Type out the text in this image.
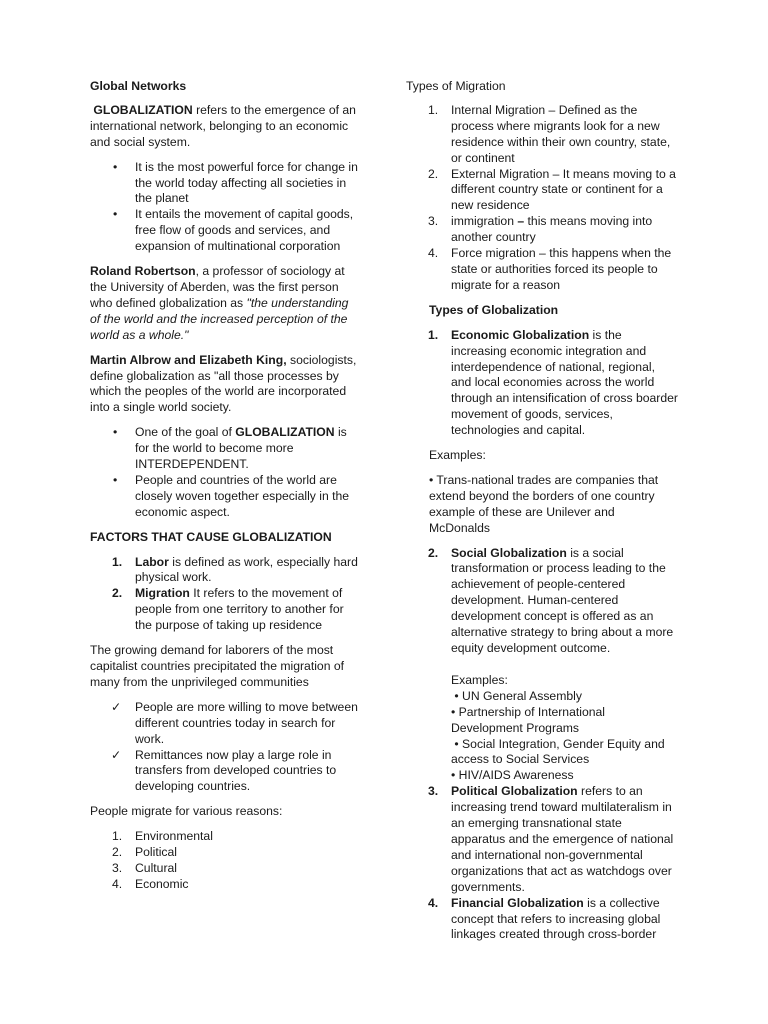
Global Networks

GLOBALIZATION refers to the emergence of an international network, belonging to an economic and social system.

• It is the most powerful force for change in the world today affecting all societies in the planet
• It entails the movement of capital goods, free flow of goods and services, and expansion of multinational corporation

Roland Robertson, a professor of sociology at the University of Aberden, was the first person who defined globalization as "the understanding of the world and the increased perception of the world as a whole."

Martin Albrow and Elizabeth King, sociologists, define globalization as "all those processes by which the peoples of the world are incorporated into a single world society.

• One of the goal of GLOBALIZATION is for the world to become more INTERDEPENDENT.
• People and countries of the world are closely woven together especially in the economic aspect.

FACTORS THAT CAUSE GLOBALIZATION

1. Labor is defined as work, especially hard physical work.
2. Migration It refers to the movement of people from one territory to another for the purpose of taking up residence

The growing demand for laborers of the most capitalist countries precipitated the migration of many from the unprivileged communities

✓ People are more willing to move between different countries today in search for work.
✓ Remittances now play a large role in transfers from developed countries to developing countries.

People migrate for various reasons:

1. Environmental
2. Political
3. Cultural
4. Economic

Types of Migration

1. Internal Migration – Defined as the process where migrants look for a new residence within their own country, state, or continent
2. External Migration – It means moving to a different country state or continent for a new residence
3. immigration – this means moving into another country
4. Force migration – this happens when the state or authorities forced its people to migrate for a reason

Types of Globalization

1. Economic Globalization is the increasing economic integration and interdependence of national, regional, and local economies across the world through an intensification of cross boarder movement of goods, services, technologies and capital.

Examples:

• Trans-national trades are companies that extend beyond the borders of one country example of these are Unilever and McDonalds

2. Social Globalization is a social transformation or process leading to the achievement of people-centered development. Human-centered development concept is offered as an alternative strategy to bring about a more equity development outcome.
Examples:
• UN General Assembly
• Partnership of International Development Programs
• Social Integration, Gender Equity and access to Social Services
• HIV/AIDS Awareness
3. Political Globalization refers to an increasing trend toward multilateralism in an emerging transnational state apparatus and the emergence of national and international non-governmental organizations that act as watchdogs over governments.
4. Financial Globalization is a collective concept that refers to increasing global linkages created through cross-border
